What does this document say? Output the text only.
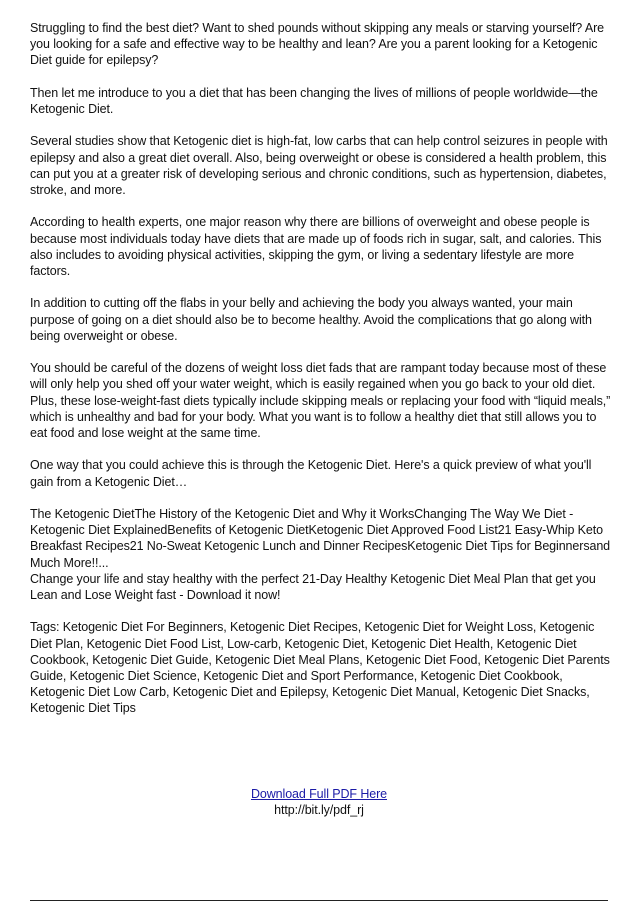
Struggling to find the best diet? Want to shed pounds without skipping any meals or starving yourself? Are you looking for a safe and effective way to be healthy and lean? Are you a parent looking for a Ketogenic Diet guide for epilepsy?

Then let me introduce to you a diet that has been changing the lives of millions of people worldwide—the Ketogenic Diet.

Several studies show that Ketogenic diet is high-fat, low carbs that can help control seizures in people with epilepsy and also a great diet overall. Also, being overweight or obese is considered a health problem, this can put you at a greater risk of developing serious and chronic conditions, such as hypertension, diabetes, stroke, and more.

According to health experts, one major reason why there are billions of overweight and obese people is because most individuals today have diets that are made up of foods rich in sugar, salt, and calories. This also includes to avoiding physical activities, skipping the gym, or living a sedentary lifestyle are more factors.

In addition to cutting off the flabs in your belly and achieving the body you always wanted, your main purpose of going on a diet should also be to become healthy. Avoid the complications that go along with being overweight or obese.

You should be careful of the dozens of weight loss diet fads that are rampant today because most of these will only help you shed off your water weight, which is easily regained when you go back to your old diet. Plus, these lose-weight-fast diets typically include skipping meals or replacing your food with “liquid meals,” which is unhealthy and bad for your body. What you want is to follow a healthy diet that still allows you to eat food and lose weight at the same time.

One way that you could achieve this is through the Ketogenic Diet. Here's a quick preview of what you'll gain from a Ketogenic Diet…

The Ketogenic DietThe History of the Ketogenic Diet and Why it WorksChanging The Way We Diet - Ketogenic Diet ExplainedBenefits of Ketogenic DietKetogenic Diet Approved Food List21 Easy-Whip Keto Breakfast Recipes21 No-Sweat Ketogenic Lunch and Dinner RecipesKetogenic Diet Tips for Beginnersand Much More!!...

Change your life and stay healthy with the perfect 21-Day Healthy Ketogenic Diet Meal Plan that get you Lean and Lose Weight fast - Download it now!

Tags: Ketogenic Diet For Beginners, Ketogenic Diet Recipes, Ketogenic Diet for Weight Loss, Ketogenic Diet Plan, Ketogenic Diet Food List, Low-carb, Ketogenic Diet, Ketogenic Diet Health, Ketogenic Diet Cookbook, Ketogenic Diet Guide, Ketogenic Diet Meal Plans, Ketogenic Diet Food, Ketogenic Diet Parents Guide, Ketogenic Diet Science, Ketogenic Diet and Sport Performance, Ketogenic Diet Cookbook, Ketogenic Diet Low Carb, Ketogenic Diet and Epilepsy, Ketogenic Diet Manual, Ketogenic Diet Snacks, Ketogenic Diet Tips

Download Full PDF Here
http://bit.ly/pdf_rj
